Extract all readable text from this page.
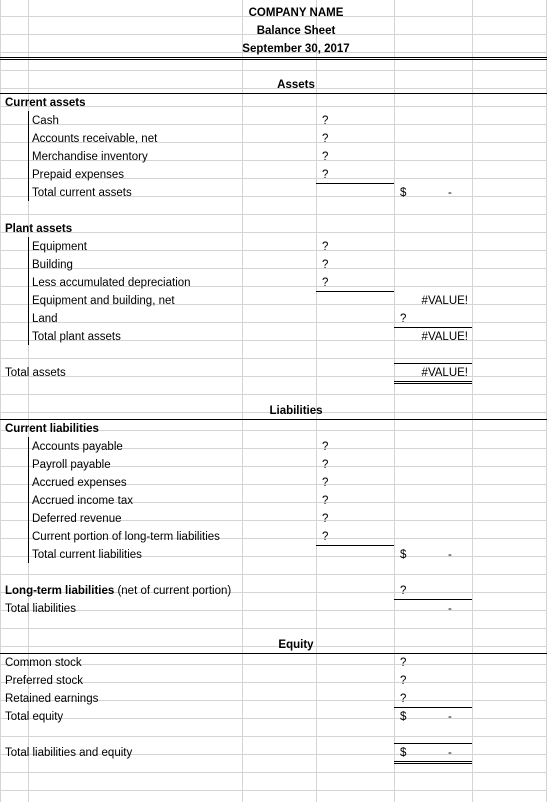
COMPANY NAME
Balance Sheet
September 30, 2017
Assets
Current assets
Cash	?
Accounts receivable, net	?
Merchandise inventory	?
Prepaid expenses	?
Total current assets	$	-
Plant assets
Equipment	?
Building	?
Less accumulated depreciation	?
Equipment and building, net	#VALUE!
Land	?
Total plant assets	#VALUE!
Total assets	#VALUE!
Liabilities
Current liabilities
Accounts payable	?
Payroll payable	?
Accrued expenses	?
Accrued income tax	?
Deferred revenue	?
Current portion of long-term liabilities	?
Total current liabilities	$	-
Long-term liabilities (net of current portion)	?
Total liabilities	-
Equity
Common stock	?
Preferred stock	?
Retained earnings	?
Total equity	$	-
Total liabilities and equity	$	-
